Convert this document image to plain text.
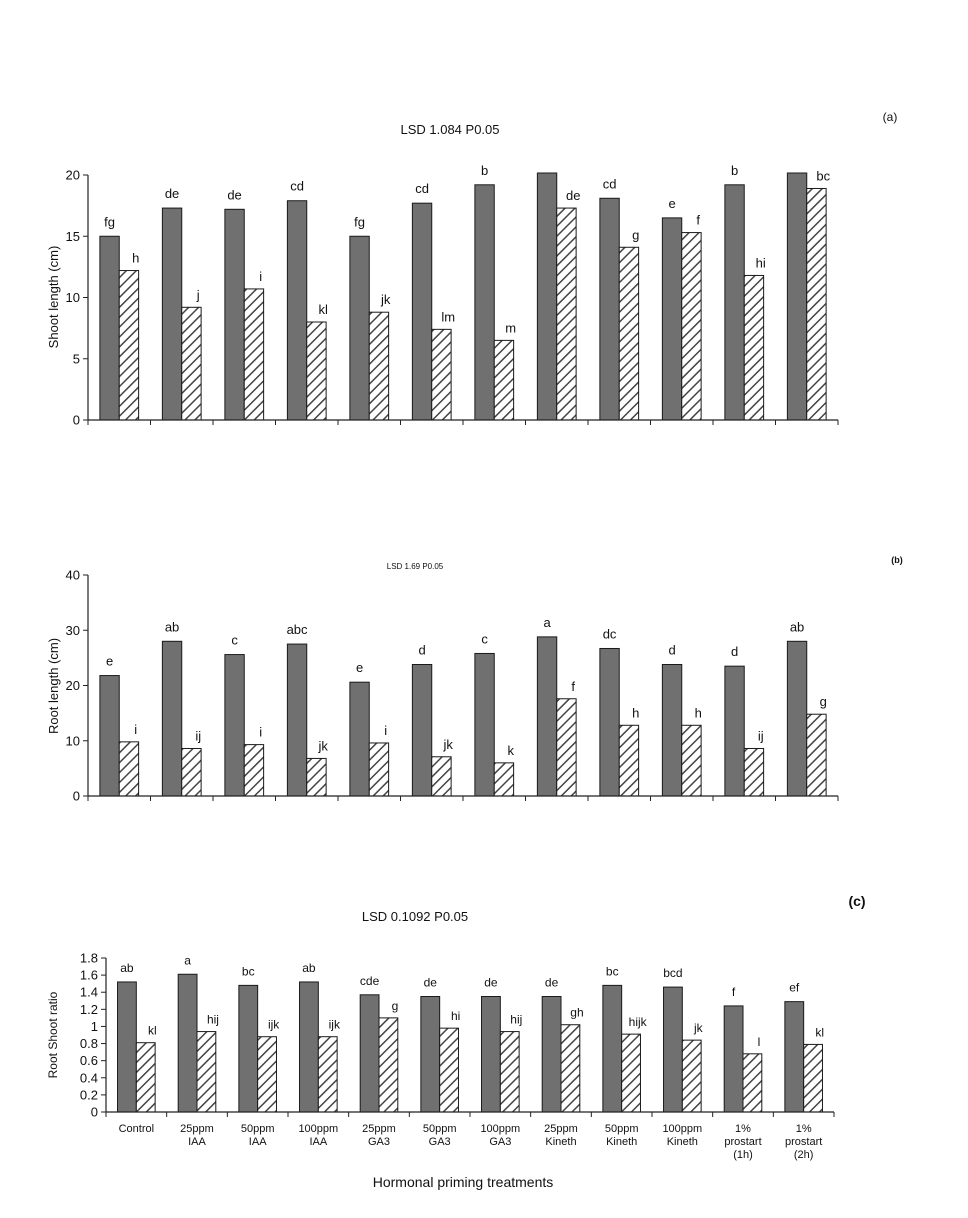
LSD 1.084 P0.05
(a)
Shoot length (cm)
0
5
10
15
20
fg
h
de
j
de
i
cd
kl
fg
jk
cd
lm
b
m
de
cd
g
e
f
b
hi
bc
LSD 1.69 P0.05
(b)
Root length (cm)
0
10
20
30
40
e
i
ab
ij
c
i
abc
jk
e
i
d
jk
c
k
a
f
dc
h
d
h
d
ij
ab
g
LSD 0.1092 P0.05
(c)
Root Shoot ratio
0
0.2
0.4
0.6
0.8
1
1.2
1.4
1.6
1.8
ab
kl
a
hij
bc
ijk
ab
ijk
cde
g
de
hi
de
hij
de
gh
bc
hijk
bcd
jk
f
l
ef
kl
Control 25ppm
IAA
50ppm
IAA
100ppm
IAA
25ppm
GA3
50ppm
GA3
100ppm
GA3
25ppm
Kineth
50ppm
Kineth
100ppm
Kineth
1%
prostart
(1h)
1%
prostart
(2h)
Hormonal priming treatments
